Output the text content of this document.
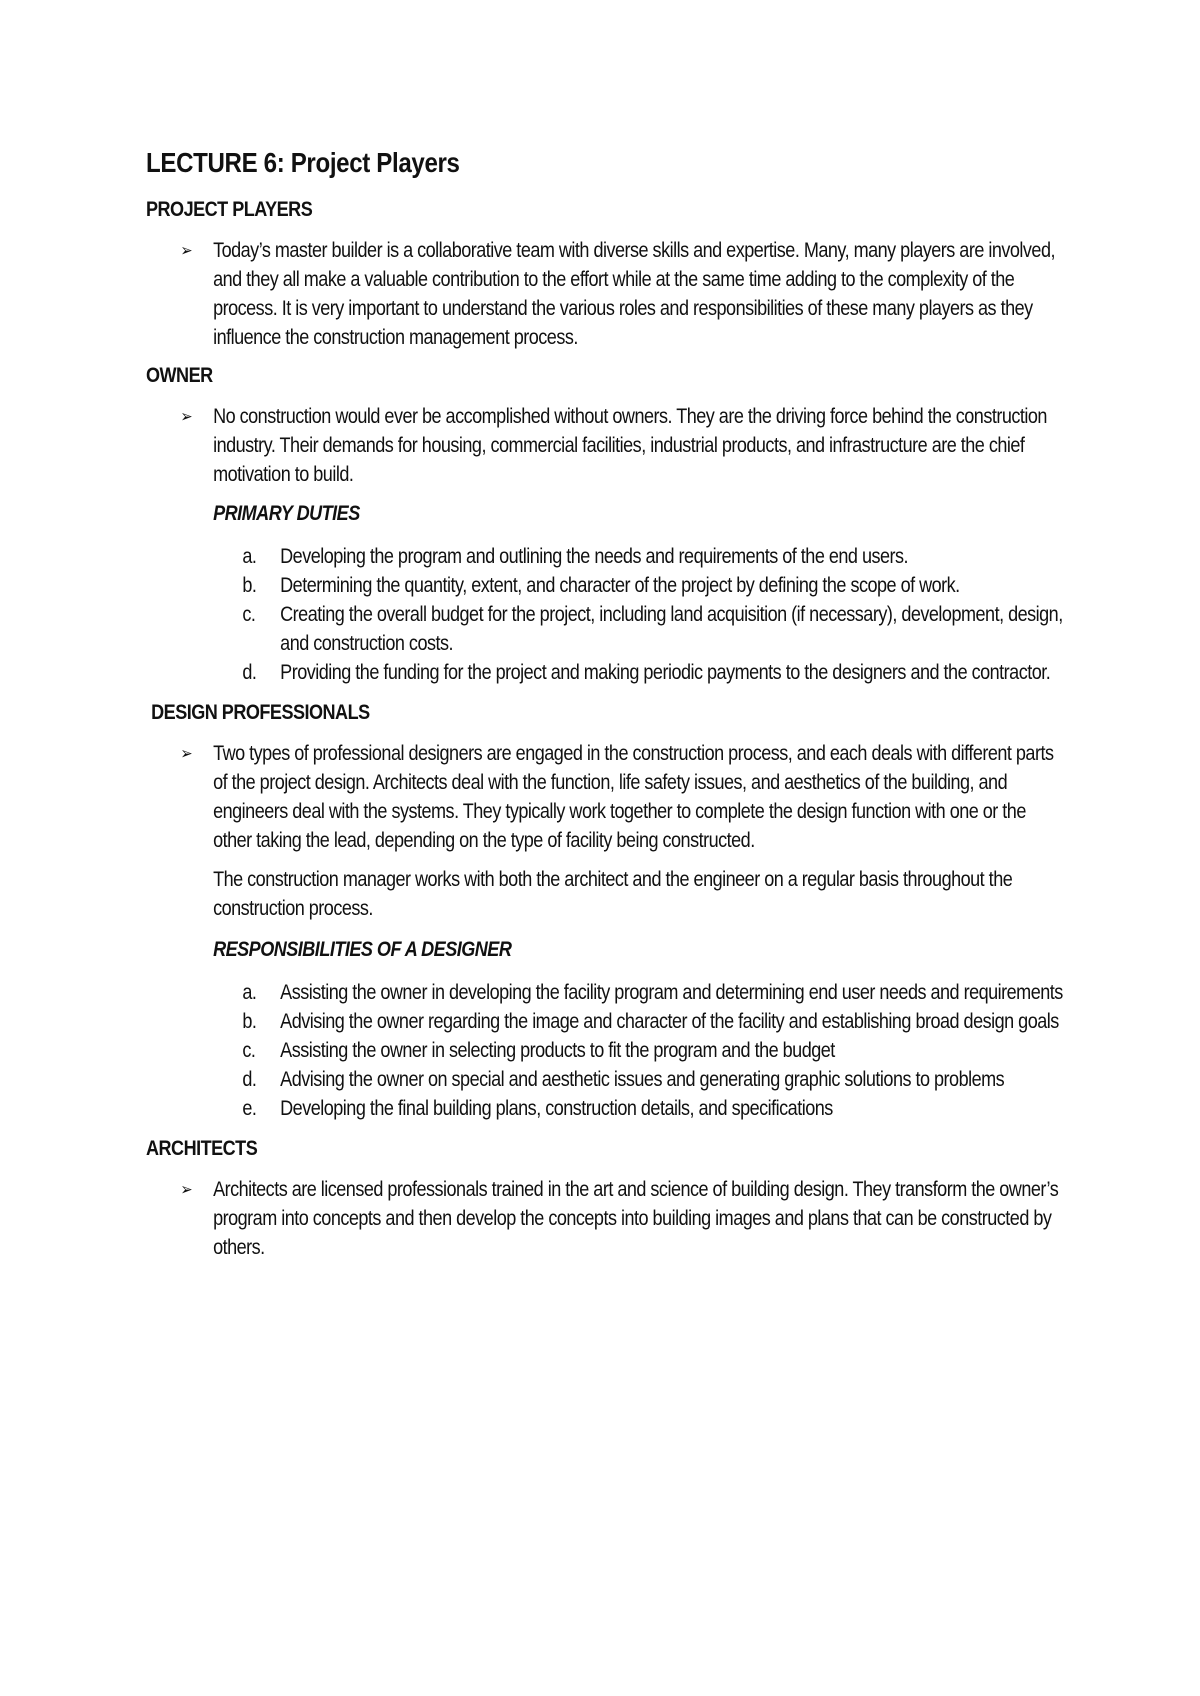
LECTURE 6: Project Players
PROJECT PLAYERS
➢ Today’s master builder is a collaborative team with diverse skills and expertise. Many, many players are involved, and they all make a valuable contribution to the effort while at the same time adding to the complexity of the process. It is very important to understand the various roles and responsibilities of these many players as they influence the construction management process.
OWNER
➢ No construction would ever be accomplished without owners. They are the driving force behind the construction industry. Their demands for housing, commercial facilities, industrial products, and infrastructure are the chief motivation to build.
PRIMARY DUTIES
a. Developing the program and outlining the needs and requirements of the end users.
b. Determining the quantity, extent, and character of the project by defining the scope of work.
c. Creating the overall budget for the project, including land acquisition (if necessary), development, design, and construction costs.
d. Providing the funding for the project and making periodic payments to the designers and the contractor.
DESIGN PROFESSIONALS
➢ Two types of professional designers are engaged in the construction process, and each deals with different parts of the project design. Architects deal with the function, life safety issues, and aesthetics of the building, and engineers deal with the systems. They typically work together to complete the design function with one or the other taking the lead, depending on the type of facility being constructed.
The construction manager works with both the architect and the engineer on a regular basis throughout the construction process.
RESPONSIBILITIES OF A DESIGNER
a. Assisting the owner in developing the facility program and determining end user needs and requirements
b. Advising the owner regarding the image and character of the facility and establishing broad design goals
c. Assisting the owner in selecting products to fit the program and the budget
d. Advising the owner on special and aesthetic issues and generating graphic solutions to problems
e. Developing the final building plans, construction details, and specifications
ARCHITECTS
➢ Architects are licensed professionals trained in the art and science of building design. They transform the owner’s program into concepts and then develop the concepts into building images and plans that can be constructed by others.
